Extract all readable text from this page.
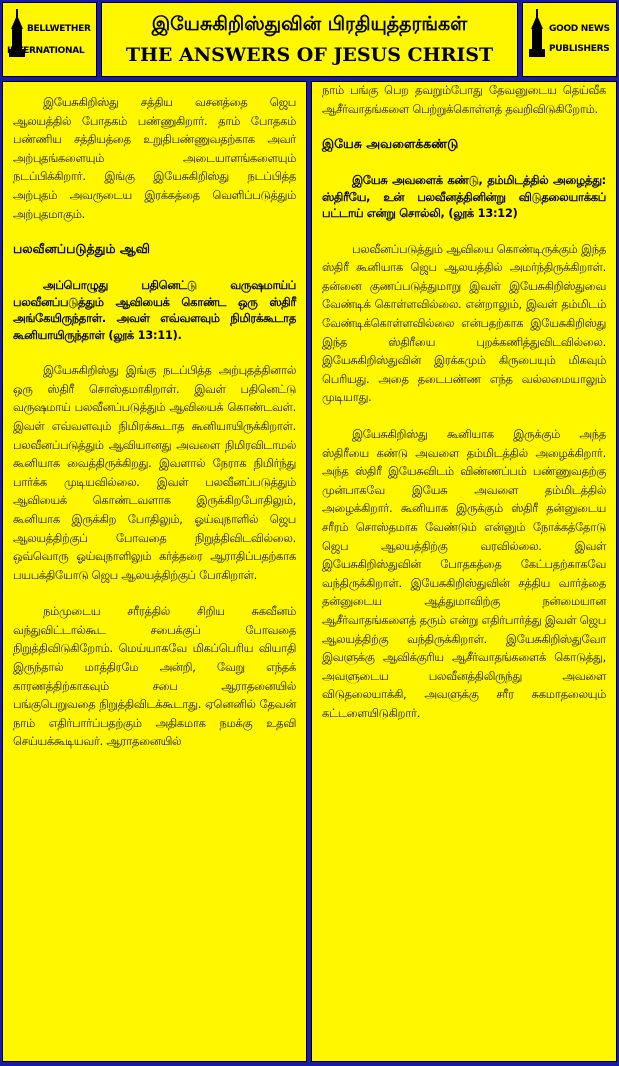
BELLWETHER
INTERNATIONAL
இயேசுகிறிஸ்துவின் பிரதியுத்தரங்கள்
THE ANSWERS OF JESUS CHRIST
GOOD NEWS
PUBLISHERS

இயேசுகிறிஸ்து சத்திய வசனத்தை ஜெப ஆலயத்தில் போதகம் பண்ணுகிறார். தாம் போதகம் பண்ணிய சத்தியத்தை உறுதிபண்ணுவதற்காக அவர் அற்புதங்களையும் அடையாளங்களையும் நடப்பிக்கிறார். இங்கு இயேசுகிறிஸ்து நடப்பித்த அற்புதம் அவருடைய இரக்கத்தை வெளிப்படுத்தும் அற்புதமாகும்.

பலவீனப்படுத்தும் ஆவி

அப்பொழுது பதினெட்டு வருஷமாய்ப் பலவீனப்படுத்தும் ஆவியைக் கொண்ட ஒரு ஸ்திரீ அங்கேயிருந்தாள். அவள் எவ்வளவும் நிமிரக்கூடாத கூனியாயிருந்தாள் (லூக் 13:11).

இயேசுகிறிஸ்து இங்கு நடப்பித்த அற்புதத்தினால் ஒரு ஸ்திரீ சொஸ்தமாகிறாள். இவள் பதினெட்டு வருஷமாய் பலவீனப்படுத்தும் ஆவியைக் கொண்டவள். இவள் எவ்வளவும் நிமிரக்கூடாத கூனியாயிருக்கிறாள். பலவீனப்படுத்தும் ஆவியானது அவளை நிமிரவிடாமல் கூனியாக வைத்திருக்கிறது. இவளால் நேராக நிமிர்ந்து பார்க்க முடியவில்லை. இவள் பலவீனப்படுத்தும் ஆவியைக் கொண்டவளாக இருக்கிறபோதிலும், கூனியாக இருக்கிற போதிலும், ஓய்வுநாளில் ஜெப ஆலயத்திற்குப் போவதை நிறுத்திவிடவில்லை. ஒவ்வொரு ஓய்வுநாளிலும் கர்த்தரை ஆராதிப்பதற்காக பயபக்தியோடு ஜெப ஆலயத்திற்குப் போகிறாள்.

நம்முடைய சரீரத்தில் சிறிய சுகவீனம் வந்துவிட்டால்கூட சபைக்குப் போவதை நிறுத்திவிடுகிறோம். மெய்யாகவே மிகப்பெரிய வியாதி இருந்தால் மாத்திரமே அன்றி, வேறு எந்தக் காரணத்திற்காகவும் சபை ஆராதனையில் பங்குபெறுவதை நிறுத்திவிடக்கூடாது. ஏனெனில் தேவன் நாம் எதிர்பார்ப்பதற்கும் அதிகமாக நமக்கு உதவி செய்யக்கூடியவர். ஆராதனையில்

நாம் பங்கு பெற தவறும்போது தேவனுடைய தெய்வீக ஆசீர்வாதங்களை பெற்றுக்கொள்ளத் தவறிவிடுகிறோம்.

இயேசு அவளைக்கண்டு

இயேசு அவளைக் கண்டு, தம்மிடத்தில் அழைத்து: ஸ்திரீயே, உன் பலவீனத்தினின்று விடுதலையாக்கப் பட்டாய் என்று சொல்லி, (லூக் 13:12)

பலவீனப்படுத்தும் ஆவியை கொண்டிருக்கும் இந்த ஸ்திரீ கூனியாக ஜெப ஆலயத்தில் அமர்ந்திருக்கிறாள். தன்னை குணப்படுத்துமாறு இவள் இயேசுகிறிஸ்துவை வேண்டிக் கொள்ளவில்லை. என்றாலும், இவள் தம்மிடம் வேண்டிக்கொள்ளவில்லை என்பதற்காக இயேசுகிறிஸ்து இந்த ஸ்திரீயை புறக்கணித்துவிடவில்லை. இயேசுகிறிஸ்துவின் இரக்கமும் கிருபையும் மிகவும் பெரியது. அதை தடைபண்ண எந்த வல்லமையாலும் முடியாது.

இயேசுகிறிஸ்து கூனியாக இருக்கும் அந்த ஸ்திரீயை கண்டு அவளை தம்மிடத்தில் அழைக்கிறார். அந்த ஸ்திரீ இயேசுவிடம் விண்ணப்பம் பண்ணுவதற்கு முன்பாகவே இயேசு அவளை தம்மிடத்தில் அழைக்கிறார். கூனியாக இருக்கும் ஸ்திரீ தன்னுடைய சரீரம் சொஸ்தமாக வேண்டும் என்னும் நோக்கத்தோடு ஜெப ஆலயத்திற்கு வரவில்லை. இவள் இயேசுகிறிஸ்துவின் போதகத்தை கேட்பதற்காகவே வந்திருக்கிறாள். இயேசுகிறிஸ்துவின் சத்திய வார்த்தை தன்னுடைய ஆத்துமாவிற்கு நன்மையான ஆசீர்வாதங்களைத் தரும் என்று எதிர்பார்த்து இவள் ஜெப ஆலயத்திற்கு வந்திருக்கிறாள். இயேசுகிறிஸ்துவோ இவளுக்கு ஆவிக்குரிய ஆசீர்வாதங்களைக் கொடுத்து, அவளுடைய பலவீனத்திலிருந்து அவளை விடுதலையாக்கி, அவளுக்கு சரீர சுகமாதலையும் கட்டளையிடுகிறார்.
